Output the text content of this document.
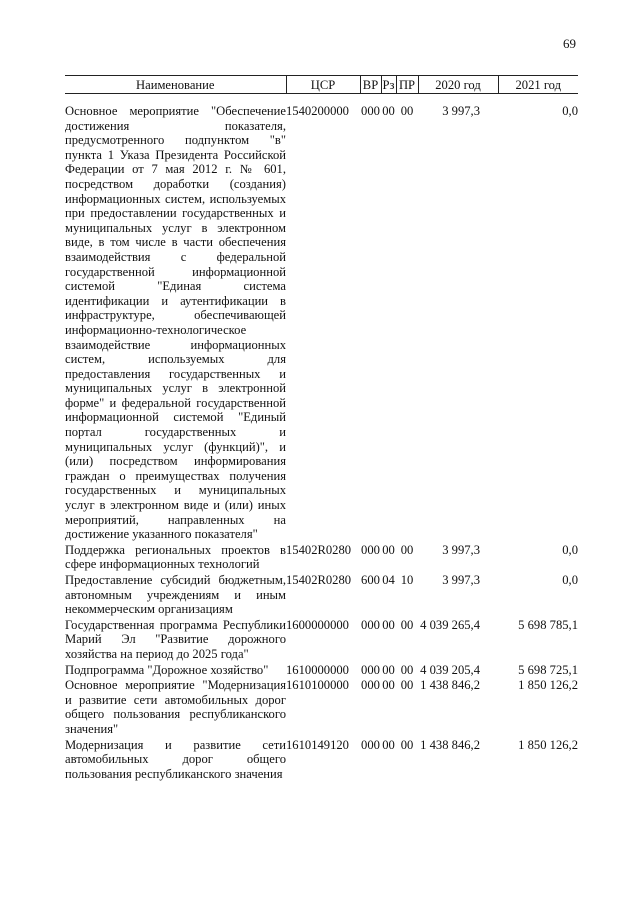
69
Наименование	ЦСР	ВР	Рз	ПР	2020 год	2021 год
Основное мероприятие "Обеспечение достижения показателя, предусмотренного подпунктом "в" пункта 1 Указа Президента Российской Федерации от 7 мая 2012 г. № 601, посредством доработки (создания) информационных систем, используемых при предоставлении государственных и муниципальных услуг в электронном виде, в том числе в части обеспечения взаимодействия с федеральной государственной информационной системой "Единая система идентификации и аутентификации в инфраструктуре, обеспечивающей информационно-технологическое взаимодействие информационных систем, используемых для предоставления государственных и муниципальных услуг в электронной форме" и федеральной государственной информационной системой "Единый портал государственных и муниципальных услуг (функций)", и (или) посредством информирования граждан о преимуществах получения государственных и муниципальных услуг в электронном виде и (или) иных мероприятий, направленных на достижение указанного показателя"	1540200000	000	00	00	3 997,3	0,0
Поддержка региональных проектов в сфере информационных технологий	15402R0280	000	00	00	3 997,3	0,0
Предоставление субсидий бюджетным, автономным учреждениям и иным некоммерческим организациям	15402R0280	600	04	10	3 997,3	0,0
Государственная программа Республики Марий Эл "Развитие дорожного хозяйства на период до 2025 года"	1600000000	000	00	00	4 039 265,4	5 698 785,1
Подпрограмма "Дорожное хозяйство"	1610000000	000	00	00	4 039 205,4	5 698 725,1
Основное мероприятие "Модернизация и развитие сети автомобильных дорог общего пользования республиканского значения"	1610100000	000	00	00	1 438 846,2	1 850 126,2
Модернизация и развитие сети автомобильных дорог общего пользования республиканского значения	1610149120	000	00	00	1 438 846,2	1 850 126,2
